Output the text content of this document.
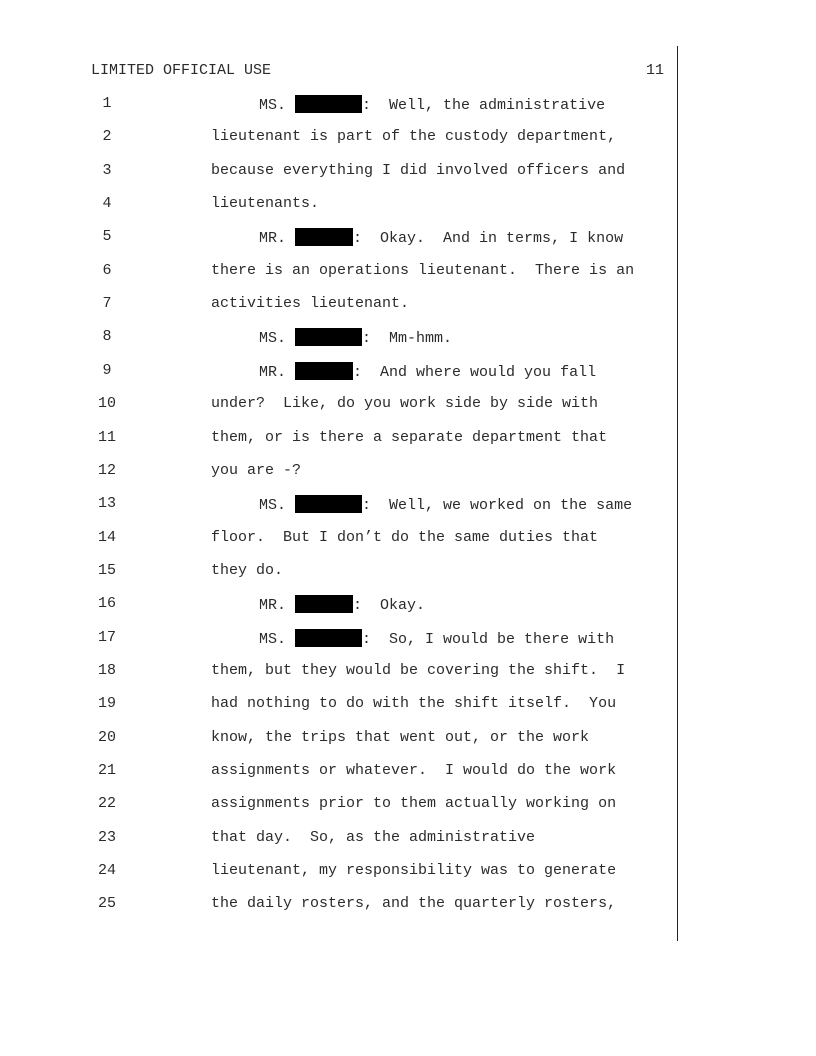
LIMITED OFFICIAL USE	11
1	MS.	:  Well, the administrative
2	lieutenant is part of the custody department,
3	because everything I did involved officers and
4	lieutenants.
5	MR.	:  Okay.  And in terms, I know
6	there is an operations lieutenant.  There is an
7	activities lieutenant.
8	MS.	:  Mm-hmm.
9	MR.	:  And where would you fall
10	under?  Like, do you work side by side with
11	them, or is there a separate department that
12	you are -?
13	MS.	:  Well, we worked on the same
14	floor.  But I don’t do the same duties that
15	they do.
16	MR.	:  Okay.
17	MS.	:  So, I would be there with
18	them, but they would be covering the shift.  I
19	had nothing to do with the shift itself.  You
20	know, the trips that went out, or the work
21	assignments or whatever.  I would do the work
22	assignments prior to them actually working on
23	that day.  So, as the administrative
24	lieutenant, my responsibility was to generate
25	the daily rosters, and the quarterly rosters,
